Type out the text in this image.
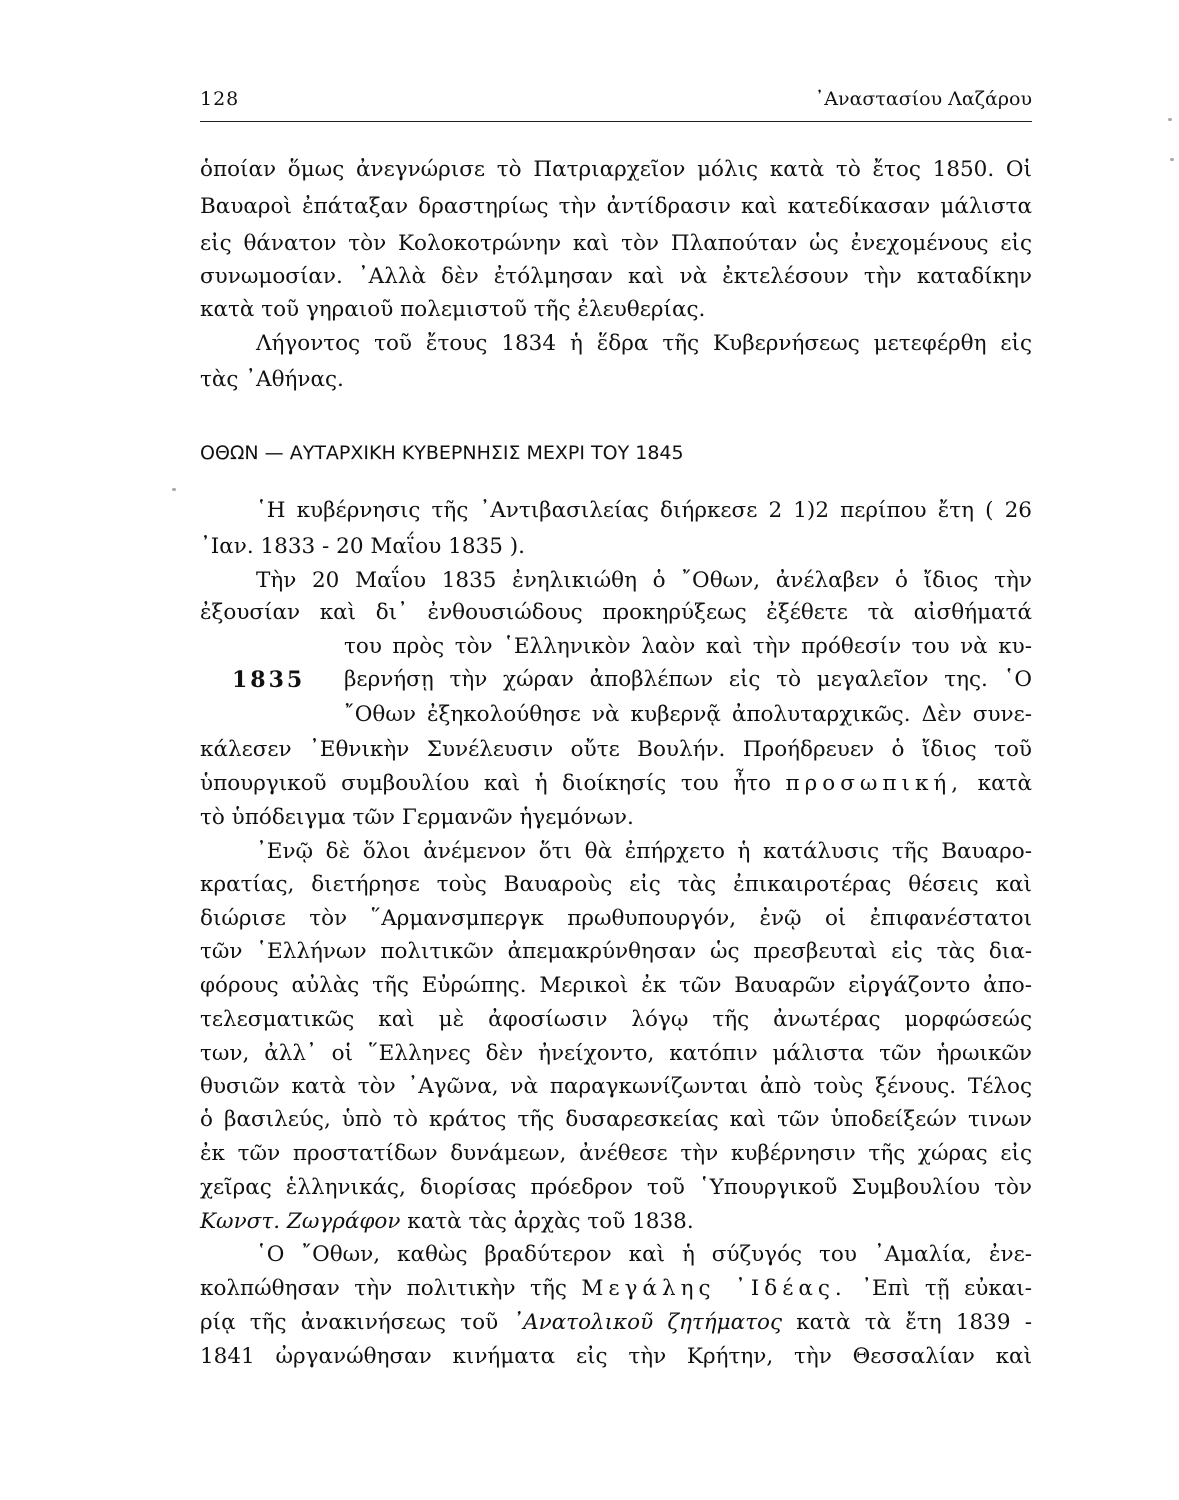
128	᾿Αναστασίου Λαζάρου
ὁποίαν ὅμως ἀνεγνώρισε τὸ Πατριαρχεῖον μόλις κατὰ τὸ ἔτος 1850. Οἱ
Βαυαροὶ ἐπάταξαν δραστηρίως τὴν ἀντίδρασιν καὶ κατεδίκασαν μάλιστα
εἰς θάνατον τὸν Κολοκοτρώνην καὶ τὸν Πλαπούταν ὡς ἐνεχομένους εἰς
συνωμοσίαν. ᾿Αλλὰ δὲν ἐτόλμησαν καὶ νὰ ἐκτελέσουν τὴν καταδίκην
κατὰ τοῦ γηραιοῦ πολεμιστοῦ τῆς ἐλευθερίας.
Λήγοντος τοῦ ἔτους 1834 ἡ ἕδρα τῆς Κυβερνήσεως μετεφέρθη εἰς
τὰς ᾿Αθήνας.
ΟΘΩΝ — ΑΥΤΑΡΧΙΚΗ ΚΥΒΕΡΝΗΣΙΣ ΜΕΧΡΙ ΤΟΥ 1845
῾Η κυβέρνησις τῆς ᾿Αντιβασιλείας διήρκεσε 2 1)2 περίπου ἔτη ( 26
᾿Ιαν. 1833 - 20 Μαΐου 1835 ).
Τὴν 20 Μαΐου 1835 ἐνηλικιώθη ὁ ῎Οθων, ἀνέλαβεν ὁ ἴδιος τὴν
ἐξουσίαν καὶ δι᾿ ἐνθουσιώδους προκηρύξεως ἐξέθετε τὰ αἰσθήματά
του πρὸς τὸν ῾Ελληνικὸν λαὸν καὶ τὴν πρόθεσίν του νὰ κυ-
1835 βερνήσῃ τὴν χώραν ἀποβλέπων εἰς τὸ μεγαλεῖον της. ῾Ο
῎Οθων ἐξηκολούθησε νὰ κυβερνᾷ ἀπολυταρχικῶς. Δὲν συνε-
κάλεσεν ᾿Εθνικὴν Συνέλευσιν οὔτε Βουλήν. Προήδρευεν ὁ ἴδιος τοῦ
ὑπουργικοῦ συμβουλίου καὶ ἡ διοίκησίς του ἦτο προσωπική, κατὰ
τὸ ὑπόδειγμα τῶν Γερμανῶν ἡγεμόνων.
᾿Ενῷ δὲ ὅλοι ἀνέμενον ὅτι θὰ ἐπήρχετο ἡ κατάλυσις τῆς Βαυαρο-
κρατίας, διετήρησε τοὺς Βαυαροὺς εἰς τὰς ἐπικαιροτέρας θέσεις καὶ
διώρισε τὸν ῞Αρμανσμπεργκ πρωθυπουργόν, ἐνῷ οἱ ἐπιφανέστατοι
τῶν ῾Ελλήνων πολιτικῶν ἀπεμακρύνθησαν ὡς πρεσβευταὶ εἰς τὰς δια-
φόρους αὐλὰς τῆς Εὐρώπης. Μερικοὶ ἐκ τῶν Βαυαρῶν εἰργάζοντο ἀπο-
τελεσματικῶς καὶ μὲ ἀφοσίωσιν λόγῳ τῆς ἀνωτέρας μορφώσεώς
των, ἀλλ᾿ οἱ ῞Ελληνες δὲν ἠνείχοντο, κατόπιν μάλιστα τῶν ἡρωικῶν
θυσιῶν κατὰ τὸν ᾿Αγῶνα, νὰ παραγκωνίζωνται ἀπὸ τοὺς ξένους. Τέλος
ὁ βασιλεύς, ὑπὸ τὸ κράτος τῆς δυσαρεσκείας καὶ τῶν ὑποδείξεών τινων
ἐκ τῶν προστατίδων δυνάμεων, ἀνέθεσε τὴν κυβέρνησιν τῆς χώρας εἰς
χεῖρας ἑλληνικάς, διορίσας πρόεδρον τοῦ ῾Υπουργικοῦ Συμβουλίου τὸν
Κωνστ. Ζωγράφον κατὰ τὰς ἀρχὰς τοῦ 1838.
῾Ο ῎Οθων, καθὼς βραδύτερον καὶ ἡ σύζυγός του ᾿Αμαλία, ἐνε-
κολπώθησαν τὴν πολιτικὴν τῆς Μεγάλης ᾿Ιδέας. ᾿Επὶ τῇ εὐκαι-
ρίᾳ τῆς ἀνακινήσεως τοῦ ᾿Ανατολικοῦ ζητήματος κατὰ τὰ ἔτη 1839 -
1841 ὠργανώθησαν κινήματα εἰς τὴν Κρήτην, τὴν Θεσσαλίαν καὶ
